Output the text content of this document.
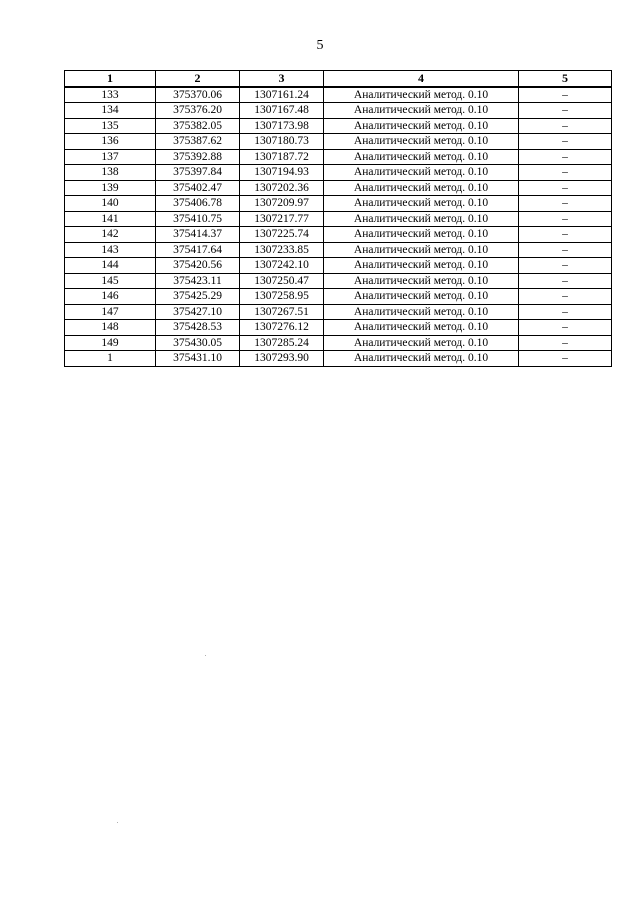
5
1	2	3	4	5
133	375370.06	1307161.24	Аналитический метод. 0.10	–
134	375376.20	1307167.48	Аналитический метод. 0.10	–
135	375382.05	1307173.98	Аналитический метод. 0.10	–
136	375387.62	1307180.73	Аналитический метод. 0.10	–
137	375392.88	1307187.72	Аналитический метод. 0.10	–
138	375397.84	1307194.93	Аналитический метод. 0.10	–
139	375402.47	1307202.36	Аналитический метод. 0.10	–
140	375406.78	1307209.97	Аналитический метод. 0.10	–
141	375410.75	1307217.77	Аналитический метод. 0.10	–
142	375414.37	1307225.74	Аналитический метод. 0.10	–
143	375417.64	1307233.85	Аналитический метод. 0.10	–
144	375420.56	1307242.10	Аналитический метод. 0.10	–
145	375423.11	1307250.47	Аналитический метод. 0.10	–
146	375425.29	1307258.95	Аналитический метод. 0.10	–
147	375427.10	1307267.51	Аналитический метод. 0.10	–
148	375428.53	1307276.12	Аналитический метод. 0.10	–
149	375430.05	1307285.24	Аналитический метод. 0.10	–
1	375431.10	1307293.90	Аналитический метод. 0.10	–
